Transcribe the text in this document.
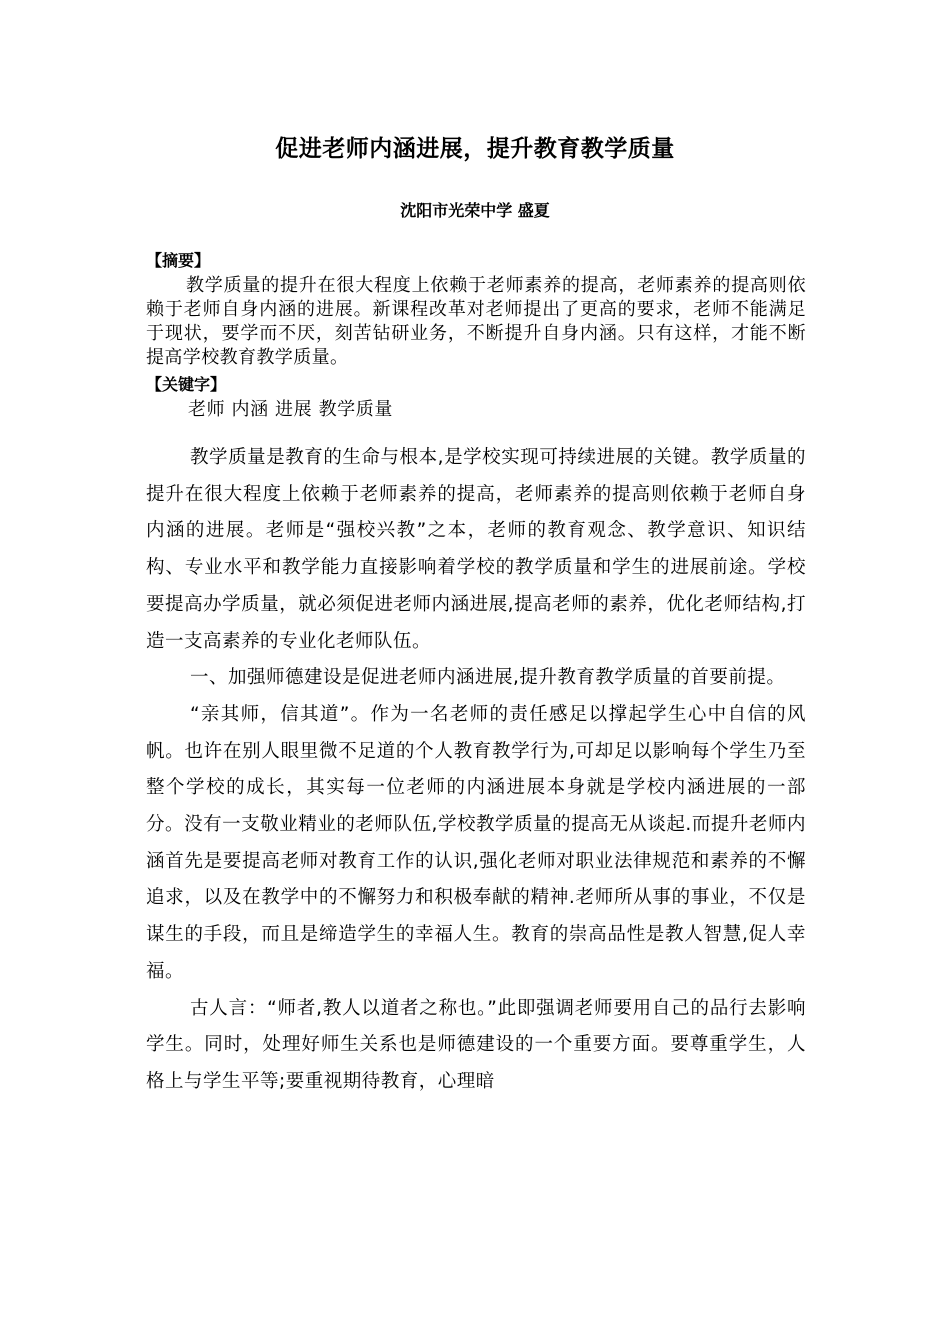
促进老师内涵进展，提升教育教学质量
沈阳市光荣中学 盛夏
【摘要】
教学质量的提升在很大程度上依赖于老师素养的提高，老师素养的提高则依赖于老师自身内涵的进展。新课程改革对老师提出了更高的要求，老师不能满足于现状，要学而不厌，刻苦钻研业务，不断提升自身内涵。只有这样，才能不断提高学校教育教学质量。
【关键字】
老师 内涵 进展 教学质量

教学质量是教育的生命与根本,是学校实现可持续进展的关键。教学质量的提升在很大程度上依赖于老师素养的提高，老师素养的提高则依赖于老师自身内涵的进展。老师是“强校兴教”之本，老师的教育观念、教学意识、知识结构、专业水平和教学能力直接影响着学校的教学质量和学生的进展前途。学校要提高办学质量，就必须促进老师内涵进展,提高老师的素养，优化老师结构,打造一支高素养的专业化老师队伍。

一、加强师德建设是促进老师内涵进展,提升教育教学质量的首要前提。

“亲其师，信其道”。作为一名老师的责任感足以撑起学生心中自信的风帆。也许在别人眼里微不足道的个人教育教学行为,可却足以影响每个学生乃至整个学校的成长，其实每一位老师的内涵进展本身就是学校内涵进展的一部分。没有一支敬业精业的老师队伍,学校教学质量的提高无从谈起.而提升老师内涵首先是要提高老师对教育工作的认识,强化老师对职业法律规范和素养的不懈追求，以及在教学中的不懈努力和积极奉献的精神.老师所从事的事业，不仅是谋生的手段，而且是缔造学生的幸福人生。教育的崇高品性是教人智慧,促人幸福。

古人言：“师者,教人以道者之称也。”此即强调老师要用自己的品行去影响学生。同时，处理好师生关系也是师德建设的一个重要方面。要尊重学生，人格上与学生平等;要重视期待教育，心理暗
